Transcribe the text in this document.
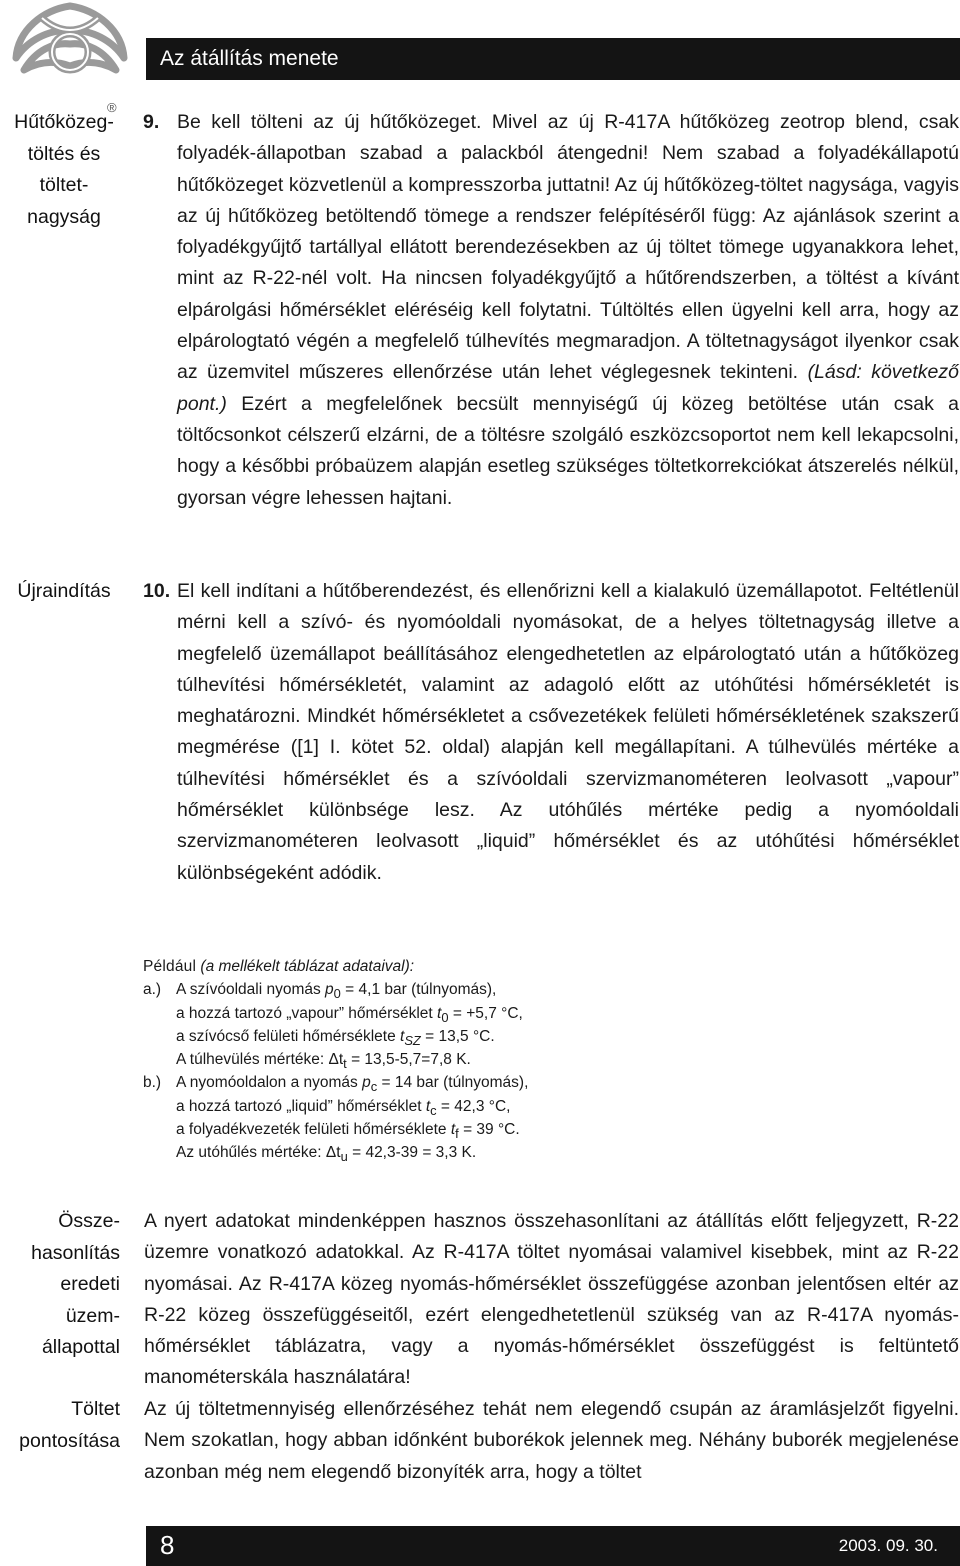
Az átállítás menete
®
Hűtőközeg-
töltés és
töltet-
nagyság
9. Be kell tölteni az új hűtőközeget. Mivel az új R-417A hűtőközeg zeotrop blend, csak folyadék-állapotban szabad a palackból átengedni! Nem szabad a folyadékállapotú hűtőközeget közvetlenül a kompresszorba juttatni! Az új hűtőközeg-töltet nagysága, vagyis az új hűtőközeg betöltendő tömege a rendszer felépítéséről függ: Az ajánlások szerint a folyadékgyűjtő tartállyal ellátott berendezésekben az új töltet tömege ugyanakkora lehet, mint az R-22-nél volt. Ha nincsen folyadékgyűjtő a hűtőrendszerben, a töltést a kívánt elpárolgási hőmérséklet eléréséig kell folytatni. Túltöltés ellen ügyelni kell arra, hogy az elpárologtató végén a megfelelő túlhevítés megmaradjon. A töltetnagyságot ilyenkor csak az üzemvitel műszeres ellenőrzése után lehet véglegesnek tekinteni. (Lásd: következő pont.) Ezért a megfelelőnek becsült mennyiségű új közeg betöltése után csak a töltőcsonkot célszerű elzárni, de a töltésre szolgáló eszközcsoportot nem kell lekapcsolni, hogy a későbbi próbaüzem alapján esetleg szükséges töltetkorrekciókat átszerelés nélkül, gyorsan végre lehessen hajtani.

Újraindítás	10. El kell indítani a hűtőberendezést, és ellenőrizni kell a kialakuló üzemállapotot. Feltétlenül mérni kell a szívó- és nyomóoldali nyomásokat, de a helyes töltetnagyság illetve a megfelelő üzemállapot beállításához elengedhetetlen az elpárologtató után a hűtőközeg túlhevítési hőmérsékletét, valamint az adagoló előtt az utóhűtési hőmérsékletét is meghatározni. Mindkét hőmérsékletet a csővezetékek felületi hőmérsékletének szakszerű megmérése ([1] I. kötet 52. oldal) alapján kell megállapítani. A túlhevülés mértéke a túlhevítési hőmérséklet és a szívóoldali szervizmanométeren leolvasott „vapour” hőmérséklet különbsége lesz. Az utóhűlés mértéke pedig a nyomóoldali szervizmanométeren leolvasott „liquid” hőmérséklet és az utóhűtési hőmérséklet különbségeként adódik.

Például (a mellékelt táblázat adataival):
a.) A szívóoldali nyomás $p_0 = 4,1$ bar (túlnyomás),
a hozzá tartozó „vapour” hőmérséklet $t_0 = +5,7$ °C,
a szívócső felületi hőmérséklete $t_{SZ} = 13,5$ °C.
A túlhevülés mértéke: $\Delta t_t = 13,5-5,7=7,8$ K.
b.) A nyomóoldalon a nyomás $p_c = 14$ bar (túlnyomás),
a hozzá tartozó „liquid” hőmérséklet $t_c = 42,3$ °C,
a folyadékvezeték felületi hőmérséklete $t_f = 39$ °C.
Az utóhűlés mértéke: $\Delta t_u = 42,3-39 = 3,3$ K.
Össze-
hasonlítás
eredeti
üzem-
állapottal
Töltet
pontosítása

A nyert adatokat mindenképpen hasznos összehasonlítani az átállítás előtt feljegyzett, R-22 üzemre vonatkozó adatokkal. Az R-417A töltet nyomásai valamivel kisebbek, mint az R-22 nyomásai. Az R-417A közeg nyomás-hőmérséklet összefüggése azonban jelentősen eltér az R-22 közeg összefüggéseitől, ezért elengedhetetlenül szükség van az R-417A nyomás-hőmérséklet táblázatra, vagy a nyomás-hőmérséklet összefüggést is feltüntető manométerskála használatára!

Az új töltetmennyiség ellenőrzéséhez tehát nem elegendő csupán az áramlásjelzőt figyelni. Nem szokatlan, hogy abban időnként buborékok jelennek meg. Néhány buborék megjelenése azonban még nem elegendő bizonyíték arra, hogy a töltet

8	2003. 09. 30.
